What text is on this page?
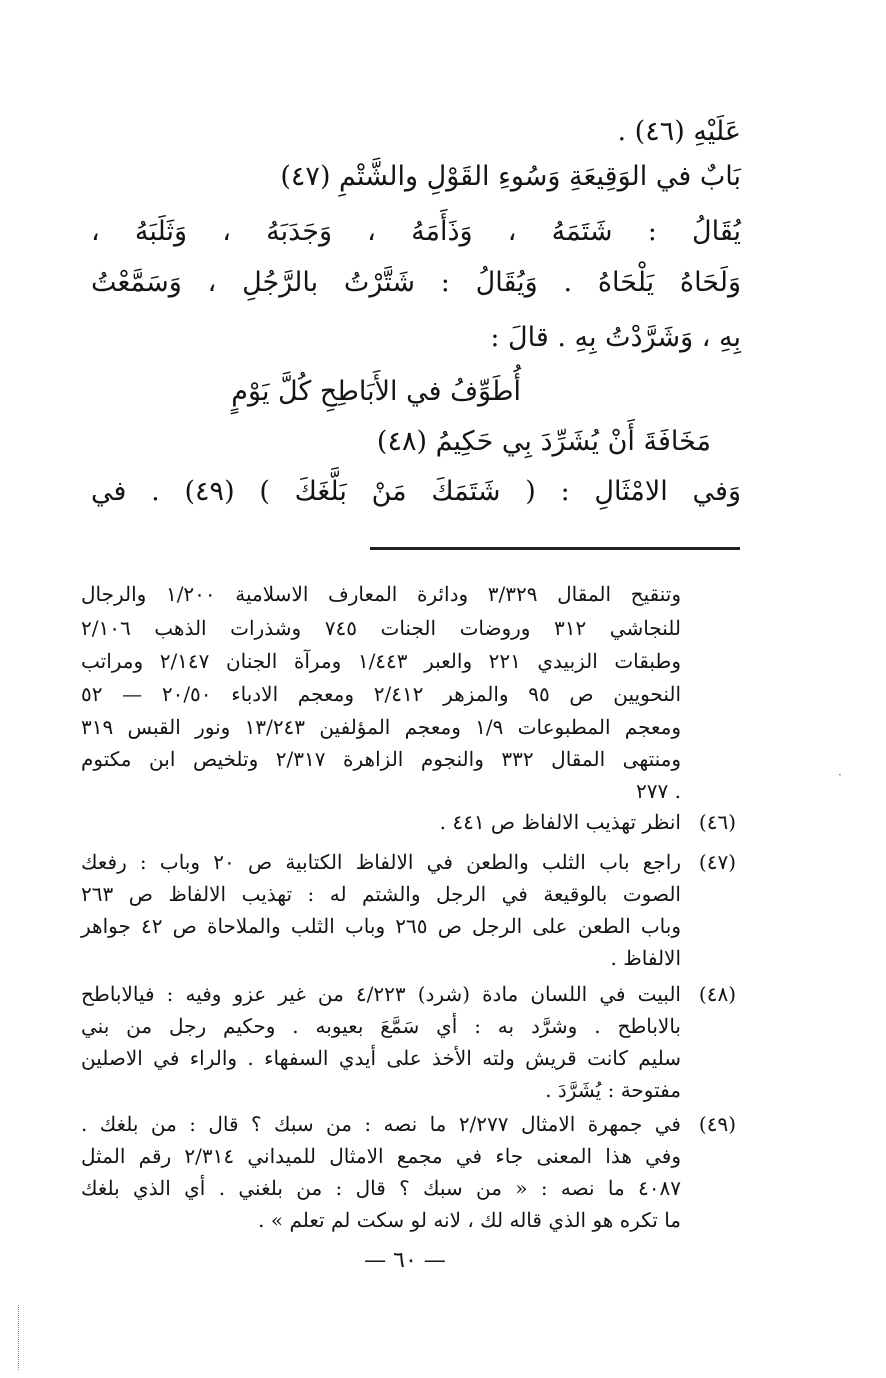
عَلَيْهِ (٤٦) .
بَابٌ في الوَقِيعَةِ وَسُوءِ القَوْلِ والشَّتْمِ (٤٧)
يُقَالُ : شَتَمَهُ ، وَذَأَمَهُ ، وَجَدَبَهُ ، وَثَلَبَهُ ،
وَلَحَاهُ يَلْحَاهُ . وَيُقَالُ : شَتَّرْتُ بالرَّجُلِ ، وَسَمَّعْتُ
بِهِ ، وَشَرَّدْتُ بِهِ . قالَ :
أُطَوِّفُ في الأَبَاطِحِ كُلَّ يَوْمٍ
مَخَافَةَ أَنْ يُشَرِّدَ بِي حَكِيمُ (٤٨)
وَفي الامْثَالِ : ( شَتَمَكَ مَنْ بَلَّغَكَ ) (٤٩) . في
وتنقيح المقال ٣/٣٢٩ ودائرة المعارف الاسلامية ١/٢٠٠ والرجال
للنجاشي ٣١٢ وروضات الجنات ٧٤٥ وشذرات الذهب ٢/١٠٦
وطبقات الزبيدي ٢٢١ والعبر ١/٤٤٣ ومرآة الجنان ٢/١٤٧ ومراتب
النحويين ص ٩٥ والمزهر ٢/٤١٢ ومعجم الادباء ٢٠/٥٠ — ٥٢
ومعجم المطبوعات ١/٩ ومعجم المؤلفين ١٣/٢٤٣ ونور القبس ٣١٩
ومنتهى المقال ٣٣٢ والنجوم الزاهرة ٢/٣١٧ وتلخيص ابن مكتوم
٢٧٧ .
(٤٦)
انظر تهذيب الالفاظ ص ٤٤١ .
(٤٧)
راجع باب الثلب والطعن في الالفاظ الكتابية ص ٢٠ وباب : رفعك
الصوت بالوقيعة في الرجل والشتم له : تهذيب الالفاظ ص ٢٦٣
وباب الطعن على الرجل ص ٢٦٥ وباب الثلب والملاحاة ص ٤٢ جواهر
الالفاظ .
(٤٨)
البيت في اللسان مادة (شرد) ٤/٢٢٣ من غير عزو وفيه : فيالاباطح
بالاباطح . وشرَّد به : أي سَمَّعَ بعيوبه . وحكيم رجل من بني
سليم كانت قريش ولته الأخذ على أيدي السفهاء . والراء في الاصلين
مفتوحة : يُشَرَّدَ .
(٤٩)
في جمهرة الامثال ٢/٢٧٧ ما نصه : من سبك ؟ قال : من بلغك .
وفي هذا المعنى جاء في مجمع الامثال للميداني ٢/٣١٤ رقم المثل
٤٠٨٧ ما نصه : « من سبك ؟ قال : من بلغني . أي الذي بلغك
ما تكره هو الذي قاله لك ، لانه لو سكت لم تعلم » .
— ٦٠ —
·
